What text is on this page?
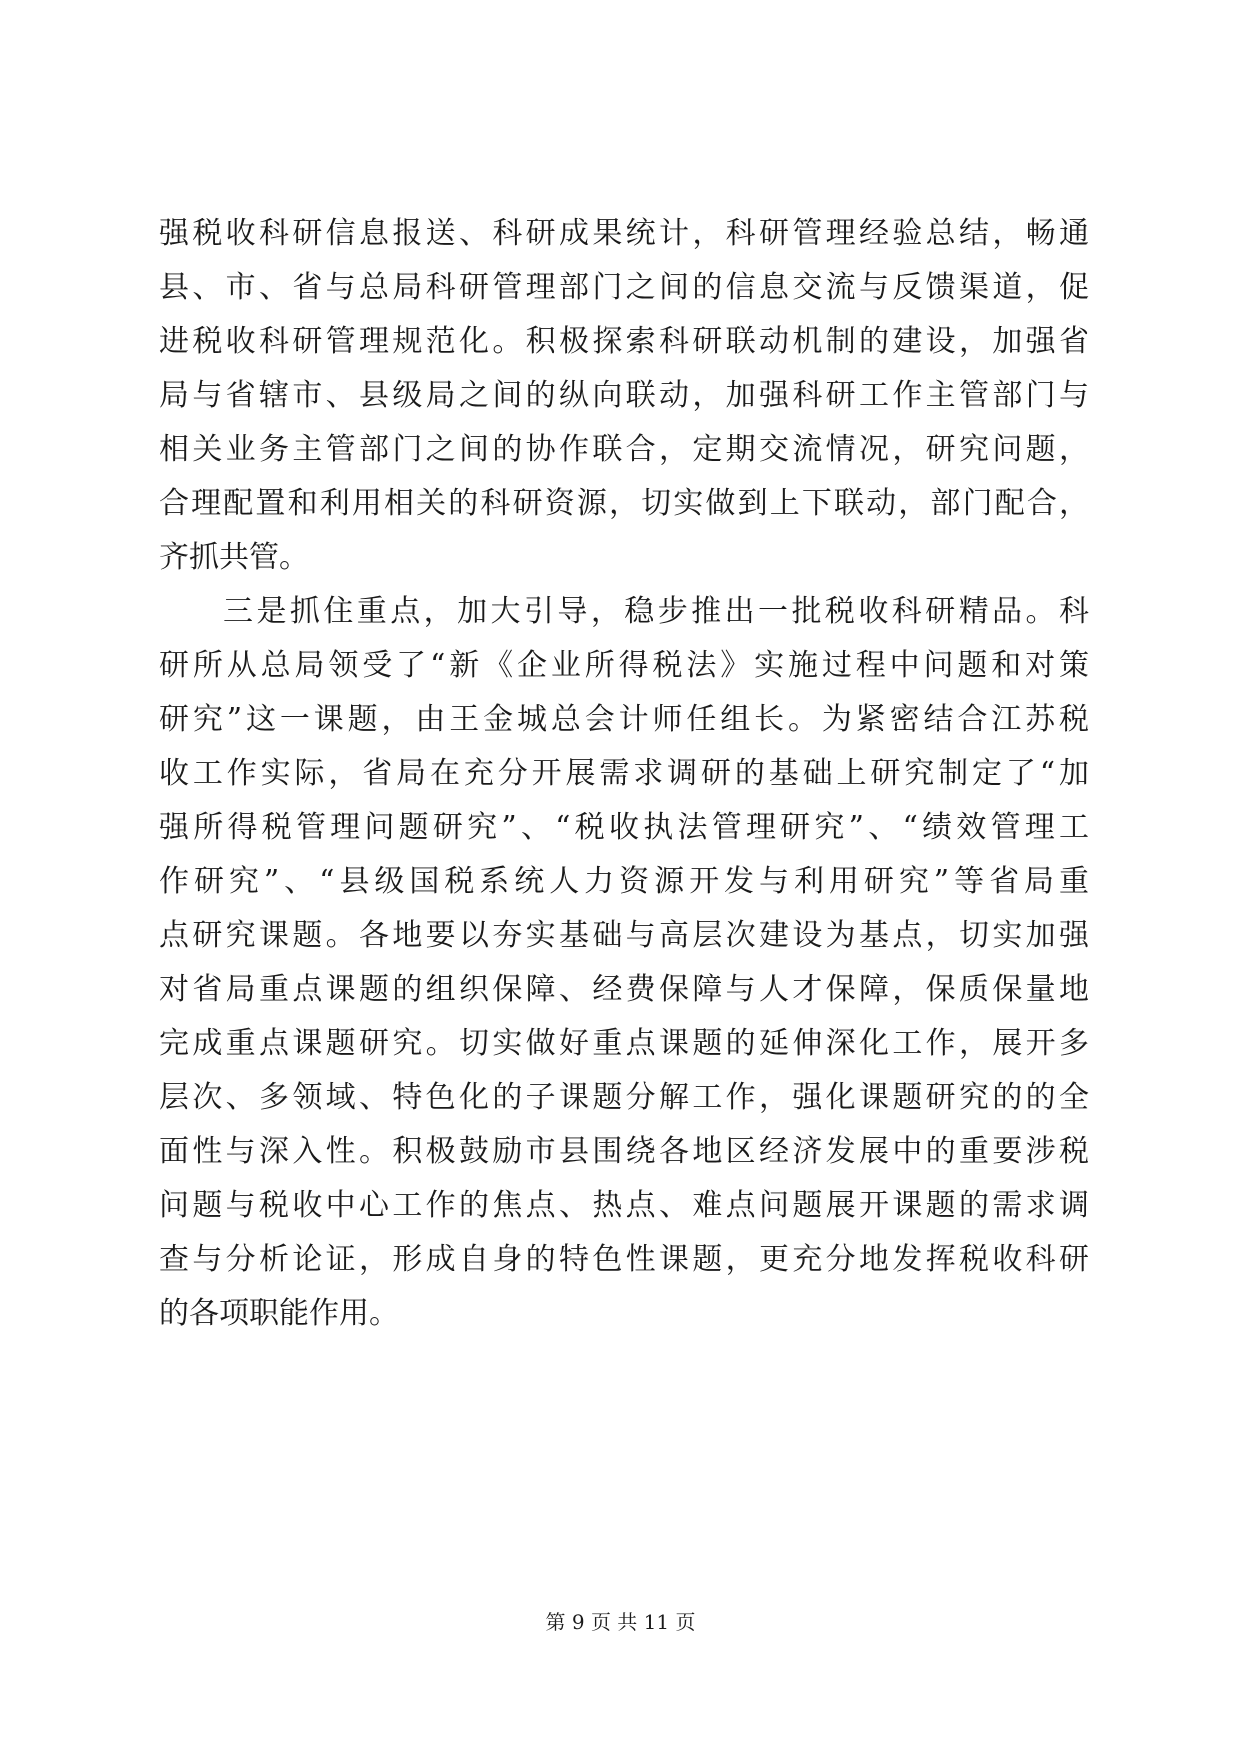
强税收科研信息报送、科研成果统计，科研管理经验总结，畅通
县、市、省与总局科研管理部门之间的信息交流与反馈渠道，促
进税收科研管理规范化。积极探索科研联动机制的建设，加强省
局与省辖市、县级局之间的纵向联动，加强科研工作主管部门与
相关业务主管部门之间的协作联合，定期交流情况，研究问题，
合理配置和利用相关的科研资源，切实做到上下联动，部门配合，
齐抓共管。
三是抓住重点，加大引导，稳步推出一批税收科研精品。科
研所从总局领受了“新《企业所得税法》实施过程中问题和对策
研究”这一课题，由王金城总会计师任组长。为紧密结合江苏税
收工作实际，省局在充分开展需求调研的基础上研究制定了“加
强所得税管理问题研究”、“税收执法管理研究”、“绩效管理工
作研究”、“县级国税系统人力资源开发与利用研究”等省局重
点研究课题。各地要以夯实基础与高层次建设为基点，切实加强
对省局重点课题的组织保障、经费保障与人才保障，保质保量地
完成重点课题研究。切实做好重点课题的延伸深化工作，展开多
层次、多领域、特色化的子课题分解工作，强化课题研究的的全
面性与深入性。积极鼓励市县围绕各地区经济发展中的重要涉税
问题与税收中心工作的焦点、热点、难点问题展开课题的需求调
查与分析论证，形成自身的特色性课题，更充分地发挥税收科研
的各项职能作用。
第 9 页 共 11 页
